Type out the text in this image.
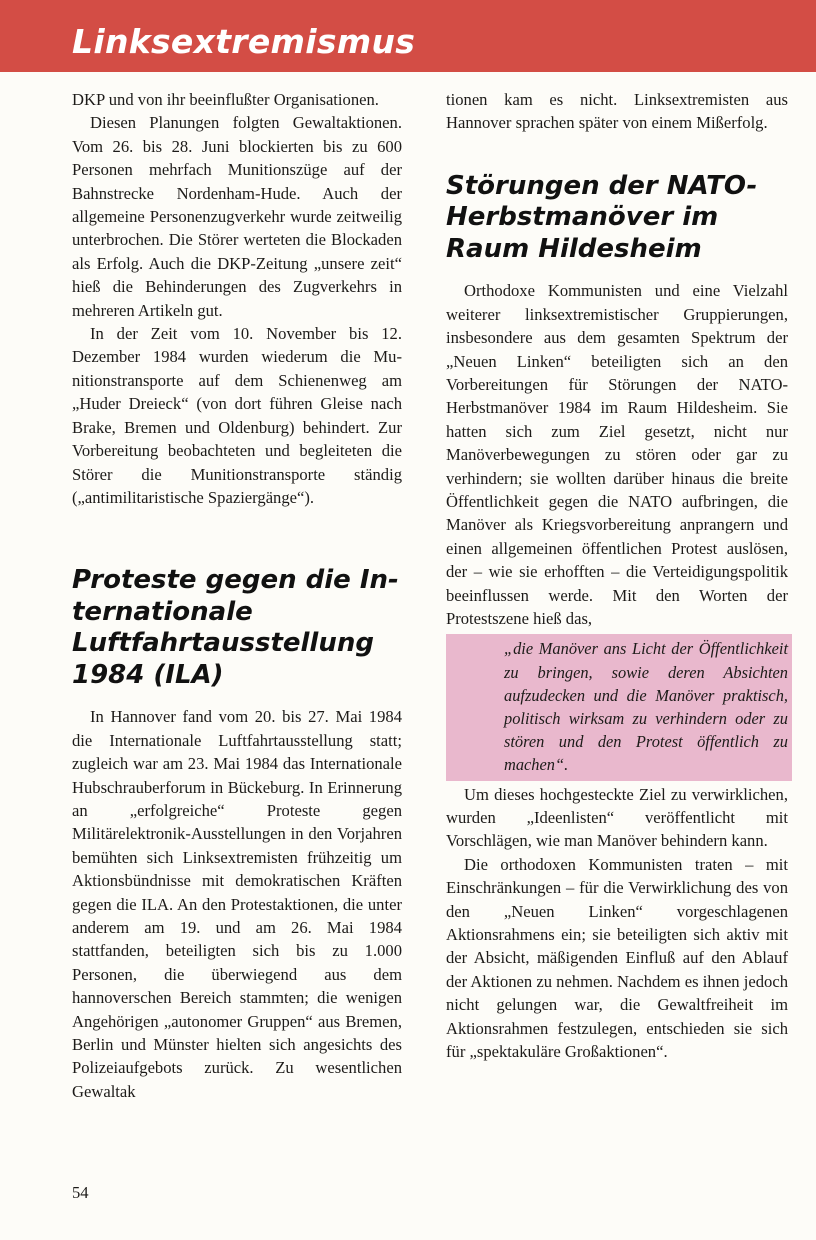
Linksextremismus

DKP und von ihr beeinflußter Organisationen.

Diesen Planungen folgten Gewaltaktionen. Vom 26. bis 28. Juni blockierten bis zu 600 Personen mehrfach Munitionszüge auf der Bahnstrecke Nordenham-Hude. Auch der allgemeine Personenzugverkehr wurde zeitweilig unterbrochen. Die Störer werteten die Blockaden als Erfolg. Auch die DKP-Zeitung „unsere zeit“ hieß die Behinderungen des Zugverkehrs in mehreren Artikeln gut.

In der Zeit vom 10. November bis 12. Dezember 1984 wurden wiederum die Munitionstransporte auf dem Schienenweg am „Huder Dreieck“ (von dort führen Gleise nach Brake, Bremen und Oldenburg) behindert. Zur Vorbereitung beobachteten und begleiteten die Störer die Munitionstransporte ständig („antimilitaristische Spaziergänge“).

Proteste gegen die Internationale Luftfahrtausstellung 1984 (ILA)

In Hannover fand vom 20. bis 27. Mai 1984 die Internationale Luftfahrtausstellung statt; zugleich war am 23. Mai 1984 das Internationale Hubschrauberforum in Bückeburg. In Erinnerung an „erfolgreiche“ Proteste gegen Militärelektronik-Ausstellungen in den Vorjahren bemühten sich Linksextremisten frühzeitig um Aktionsbündnisse mit demokratischen Kräften gegen die ILA. An den Protestaktionen, die unter anderem am 19. und am 26. Mai 1984 stattfanden, beteiligten sich bis zu 1.000 Personen, die überwiegend aus dem hannoverschen Bereich stammten; die wenigen Angehörigen „autonomer Gruppen“ aus Bremen, Berlin und Münster hielten sich angesichts des Polizeiaufgebots zurück. Zu wesentlichen Gewaltak

tionen kam es nicht. Linksextremisten aus Hannover sprachen später von einem Mißerfolg.

Störungen der NATO-Herbstmanöver im Raum Hildesheim

Orthodoxe Kommunisten und eine Vielzahl weiterer linksextremistischer Gruppierungen, insbesondere aus dem gesamten Spektrum der „Neuen Linken“ beteiligten sich an den Vorbereitungen für Störungen der NATO-Herbstmanöver 1984 im Raum Hildesheim. Sie hatten sich zum Ziel gesetzt, nicht nur Manöverbewegungen zu stören oder gar zu verhindern; sie wollten darüber hinaus die breite Öffentlichkeit gegen die NATO aufbringen, die Manöver als Kriegsvorbereitung anprangern und einen allgemeinen öffentlichen Protest auslösen, der – wie sie erhofften – die Verteidigungspolitik beeinflussen werde. Mit den Worten der Protestszene hieß das,

„die Manöver ans Licht der Öffentlichkeit zu bringen, sowie deren Absichten aufzudecken und die Manöver praktisch, politisch wirksam zu verhindern oder zu stören und den Protest öffentlich zu machen“.

Um dieses hochgesteckte Ziel zu verwirklichen, wurden „Ideenlisten“ veröffentlicht mit Vorschlägen, wie man Manöver behindern kann.

Die orthodoxen Kommunisten traten – mit Einschränkungen – für die Verwirklichung des von den „Neuen Linken“ vorgeschlagenen Aktionsrahmens ein; sie beteiligten sich aktiv mit der Absicht, mäßigenden Einfluß auf den Ablauf der Aktionen zu nehmen. Nachdem es ihnen jedoch nicht gelungen war, die Gewaltfreiheit im Aktionsrahmen festzulegen, entschieden sie sich für „spektakuläre Großaktionen“.

54
